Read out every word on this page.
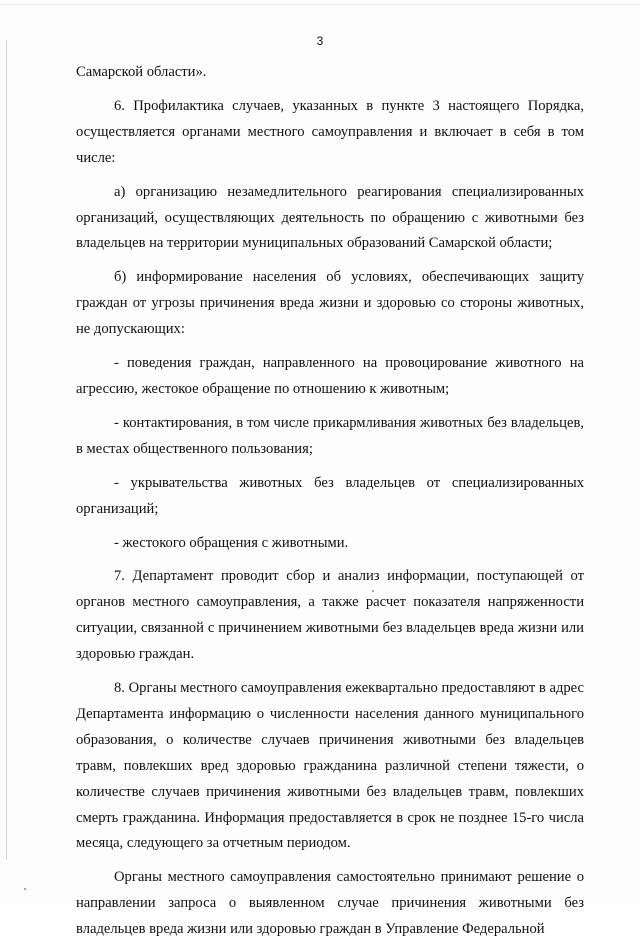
3

Самарской области».

6. Профилактика случаев, указанных в пункте 3 настоящего Порядка, осуществляется органами местного самоуправления и включает в себя в том числе:

а) организацию незамедлительного реагирования специализированных организаций, осуществляющих деятельность по обращению с животными без владельцев на территории муниципальных образований Самарской области;

б) информирование населения об условиях, обеспечивающих защиту граждан от угрозы причинения вреда жизни и здоровью со стороны животных, не допускающих:

- поведения граждан, направленного на провоцирование животного на агрессию, жестокое обращение по отношению к животным;

- контактирования, в том числе прикармливания животных без владельцев, в местах общественного пользования;

- укрывательства животных без владельцев от специализированных организаций;

- жестокого обращения с животными.

7. Департамент проводит сбор и анализ информации, поступающей от органов местного самоуправления, а также расчет показателя напряженности ситуации, связанной с причинением животными без владельцев вреда жизни или здоровью граждан.

8. Органы местного самоуправления ежеквартально предоставляют в адрес Департамента информацию о численности населения данного муниципального образования, о количестве случаев причинения животными без владельцев травм, повлекших вред здоровью гражданина различной степени тяжести, о количестве случаев причинения животными без владельцев травм, повлекших смерть гражданина. Информация предоставляется в срок не позднее 15-го числа месяца, следующего за отчетным периодом.

Органы местного самоуправления самостоятельно принимают решение о направлении запроса о выявленном случае причинения животными без владельцев вреда жизни или здоровью граждан в Управление Федеральной
